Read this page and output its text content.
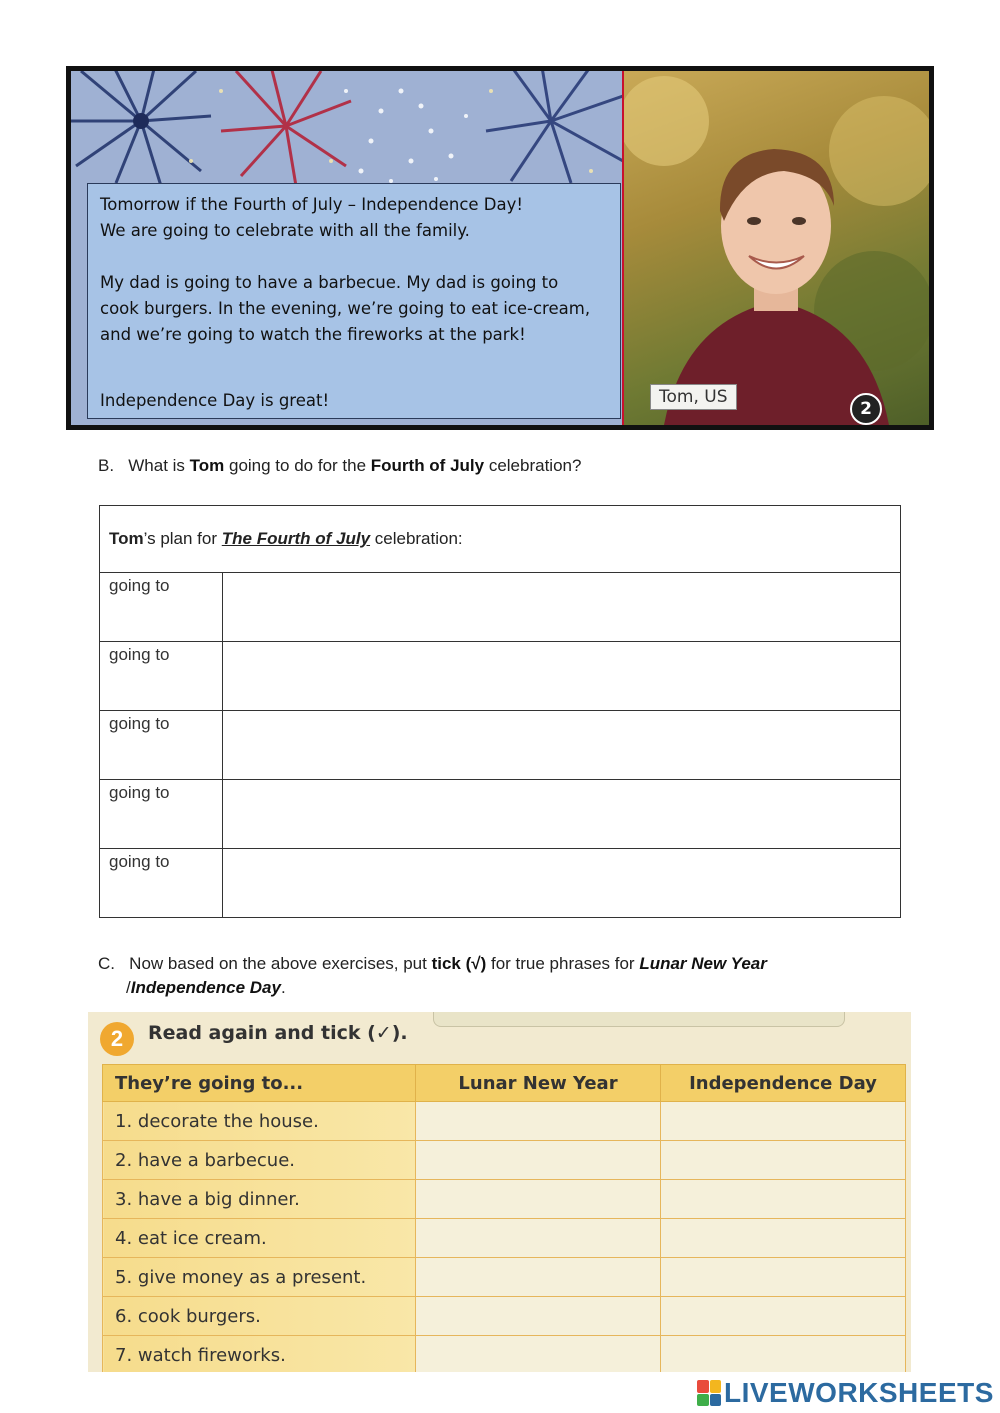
Tomorrow if the Fourth of July – Independence Day!

We are going to celebrate with all the family.

My dad is going to have a barbecue. My dad is going to

cook burgers. In the evening, we’re going to eat ice-cream,

and we’re going to watch the fireworks at the park!

Independence Day is great!	Tom, US
2
B. What is Tom going to do for the Fourth of July celebration?
Tom’s plan for The Fourth of July celebration:	
going to	
going to	
going to	
going to	
going to	
C. Now based on the above exercises, put tick (√) for true phrases for Lunar New Year
/Independence Day.
2	Read again and tick (✓).
They’re going to...	Lunar New Year	Independence Day
1. decorate the house.		
2. have a barbecue.		
3. have a big dinner.		
4. eat ice cream.		
5. give money as a present.		
6. cook burgers.		
7. watch fireworks.		
LIVEWORKSHEETS
